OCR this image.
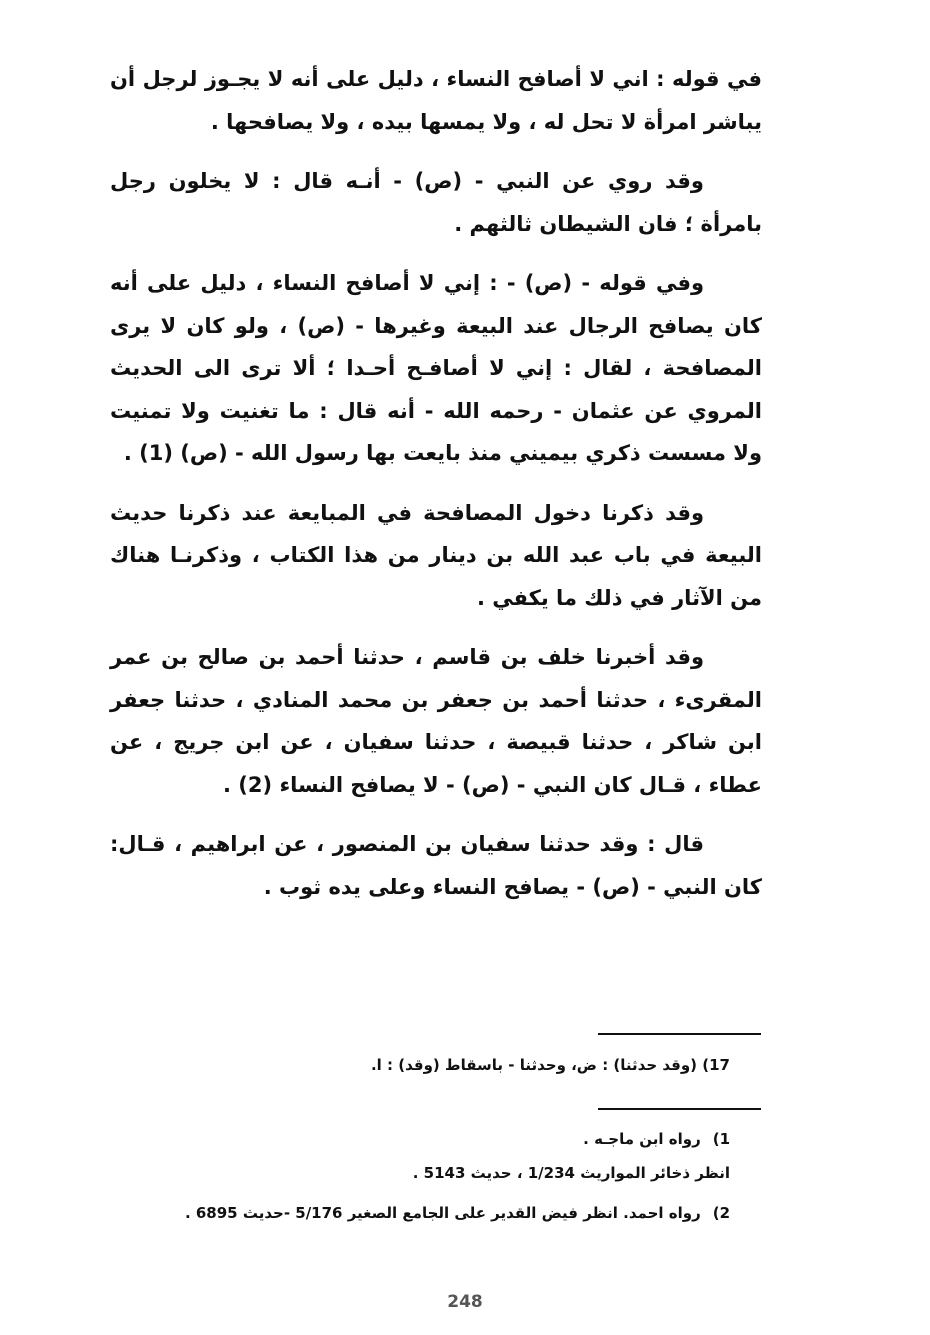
في قوله : اني لا أصافح النساء ، دليل على أنه لا يجـوز لرجل أن يباشر امرأة لا تحل له ، ولا يمسها بيده ، ولا يصافحها .

وقد روي عن النبي - (ص) - أنـه قال : لا يخلون رجل بامرأة ؛ فان الشيطان ثالثهم .

وفي قوله - (ص) - : إني لا أصافح النساء ، دليل على أنه كان يصافح الرجال عند البيعة وغيرها - (ص) ، ولو كان لا يرى المصافحة ، لقال : إني لا أصافـح أحـدا ؛ ألا ترى الى الحديث المروي عن عثمان - رحمه الله - أنه قال : ما تغنيت ولا تمنيت ولا مسست ذكري بيميني منذ بايعت بها رسول الله - (ص) (1) .

وقد ذكرنا دخول المصافحة في المبايعة عند ذكرنا حديث البيعة في باب عبد الله بن دينار من هذا الكتاب ، وذكرنـا هناك من الآثار في ذلك ما يكفي .

وقد أخبرنا خلف بن قاسم ، حدثنا أحمد بن صالح بن عمر المقرىء ، حدثنا أحمد بن جعفر بن محمد المنادي ، حدثنا جعفر ابن شاكر ، حدثنا قبيصة ، حدثنا سفيان ، عن ابن جريج ، عن عطاء ، قـال كان النبي - (ص) - لا يصافح النساء (2) .

قال : وقد حدثنا سفيان بن المنصور ، عن ابراهيم ، قـال: كان النبي - (ص) - يصافح النساء وعلى يده ثوب .

17) (وقد حدثنا) : ض، وحدثنا - باسقاط (وقد) : ا.
1)رواه ابن ماجـه .
انظر ذخائر المواريث 1/234 ، حديث 5143 .
2)رواه احمد. انظر فيض القدير على الجامع الصغير 5/176 -حديث 6895 .
248
